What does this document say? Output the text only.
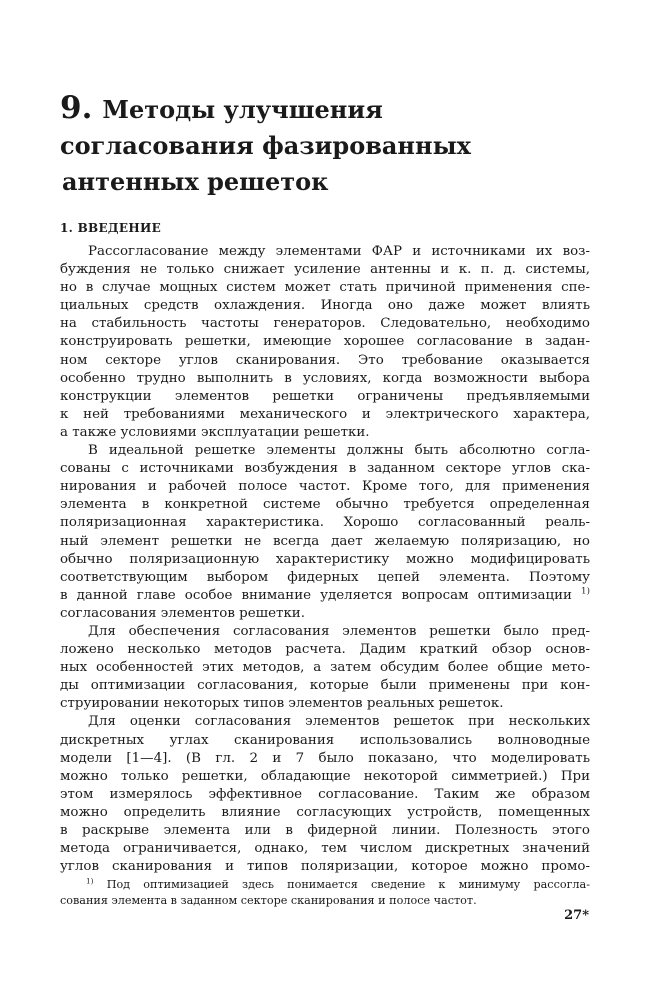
9. Методы улучшения
согласования фазированных
антенных решеток
1. ВВЕДЕНИЕ
Рассогласование между элементами ФАР и источниками их воз-
буждения не только снижает усиление антенны и к. п. д. системы,
но в случае мощных систем может стать причиной применения спе-
циальных средств охлаждения. Иногда оно даже может влиять
на стабильность частоты генераторов. Следовательно, необходимо
конструировать решетки, имеющие хорошее согласование в задан-
ном секторе углов сканирования. Это требование оказывается
особенно трудно выполнить в условиях, когда возможности выбора
конструкции элементов решетки ограничены предъявляемыми
к ней требованиями механического и электрического характера,
а также условиями эксплуатации решетки.
В идеальной решетке элементы должны быть абсолютно согла-
сованы с источниками возбуждения в заданном секторе углов ска-
нирования и рабочей полосе частот. Кроме того, для применения
элемента в конкретной системе обычно требуется определенная
поляризационная характеристика. Хорошо согласованный реаль-
ный элемент решетки не всегда дает желаемую поляризацию, но
обычно поляризационную характеристику можно модифицировать
соответствующим выбором фидерных цепей элемента. Поэтому
в данной главе особое внимание уделяется вопросам оптимизации $^{1)}$
согласования элементов решетки.
Для обеспечения согласования элементов решетки было пред-
ложено несколько методов расчета. Дадим краткий обзор основ-
ных особенностей этих методов, а затем обсудим более общие мето-
ды оптимизации согласования, которые были применены при кон-
струировании некоторых типов элементов реальных решеток.
Для оценки согласования элементов решеток при нескольких
дискретных углах сканирования использовались волноводные
модели [1—4]. (В гл. 2 и 7 было показано, что моделировать
можно только решетки, обладающие некоторой симметрией.) При
этом измерялось эффективное согласование. Таким же образом
можно определить влияние согласующих устройств, помещенных
в раскрыве элемента или в фидерной линии. Полезность этого
метода ограничивается, однако, тем числом дискретных значений
углов сканирования и типов поляризации, которое можно промо-
$^{1)}$ Под оптимизацией здесь понимается сведение к минимуму рассогла-
сования элемента в заданном секторе сканирования и полосе частот.
27*
